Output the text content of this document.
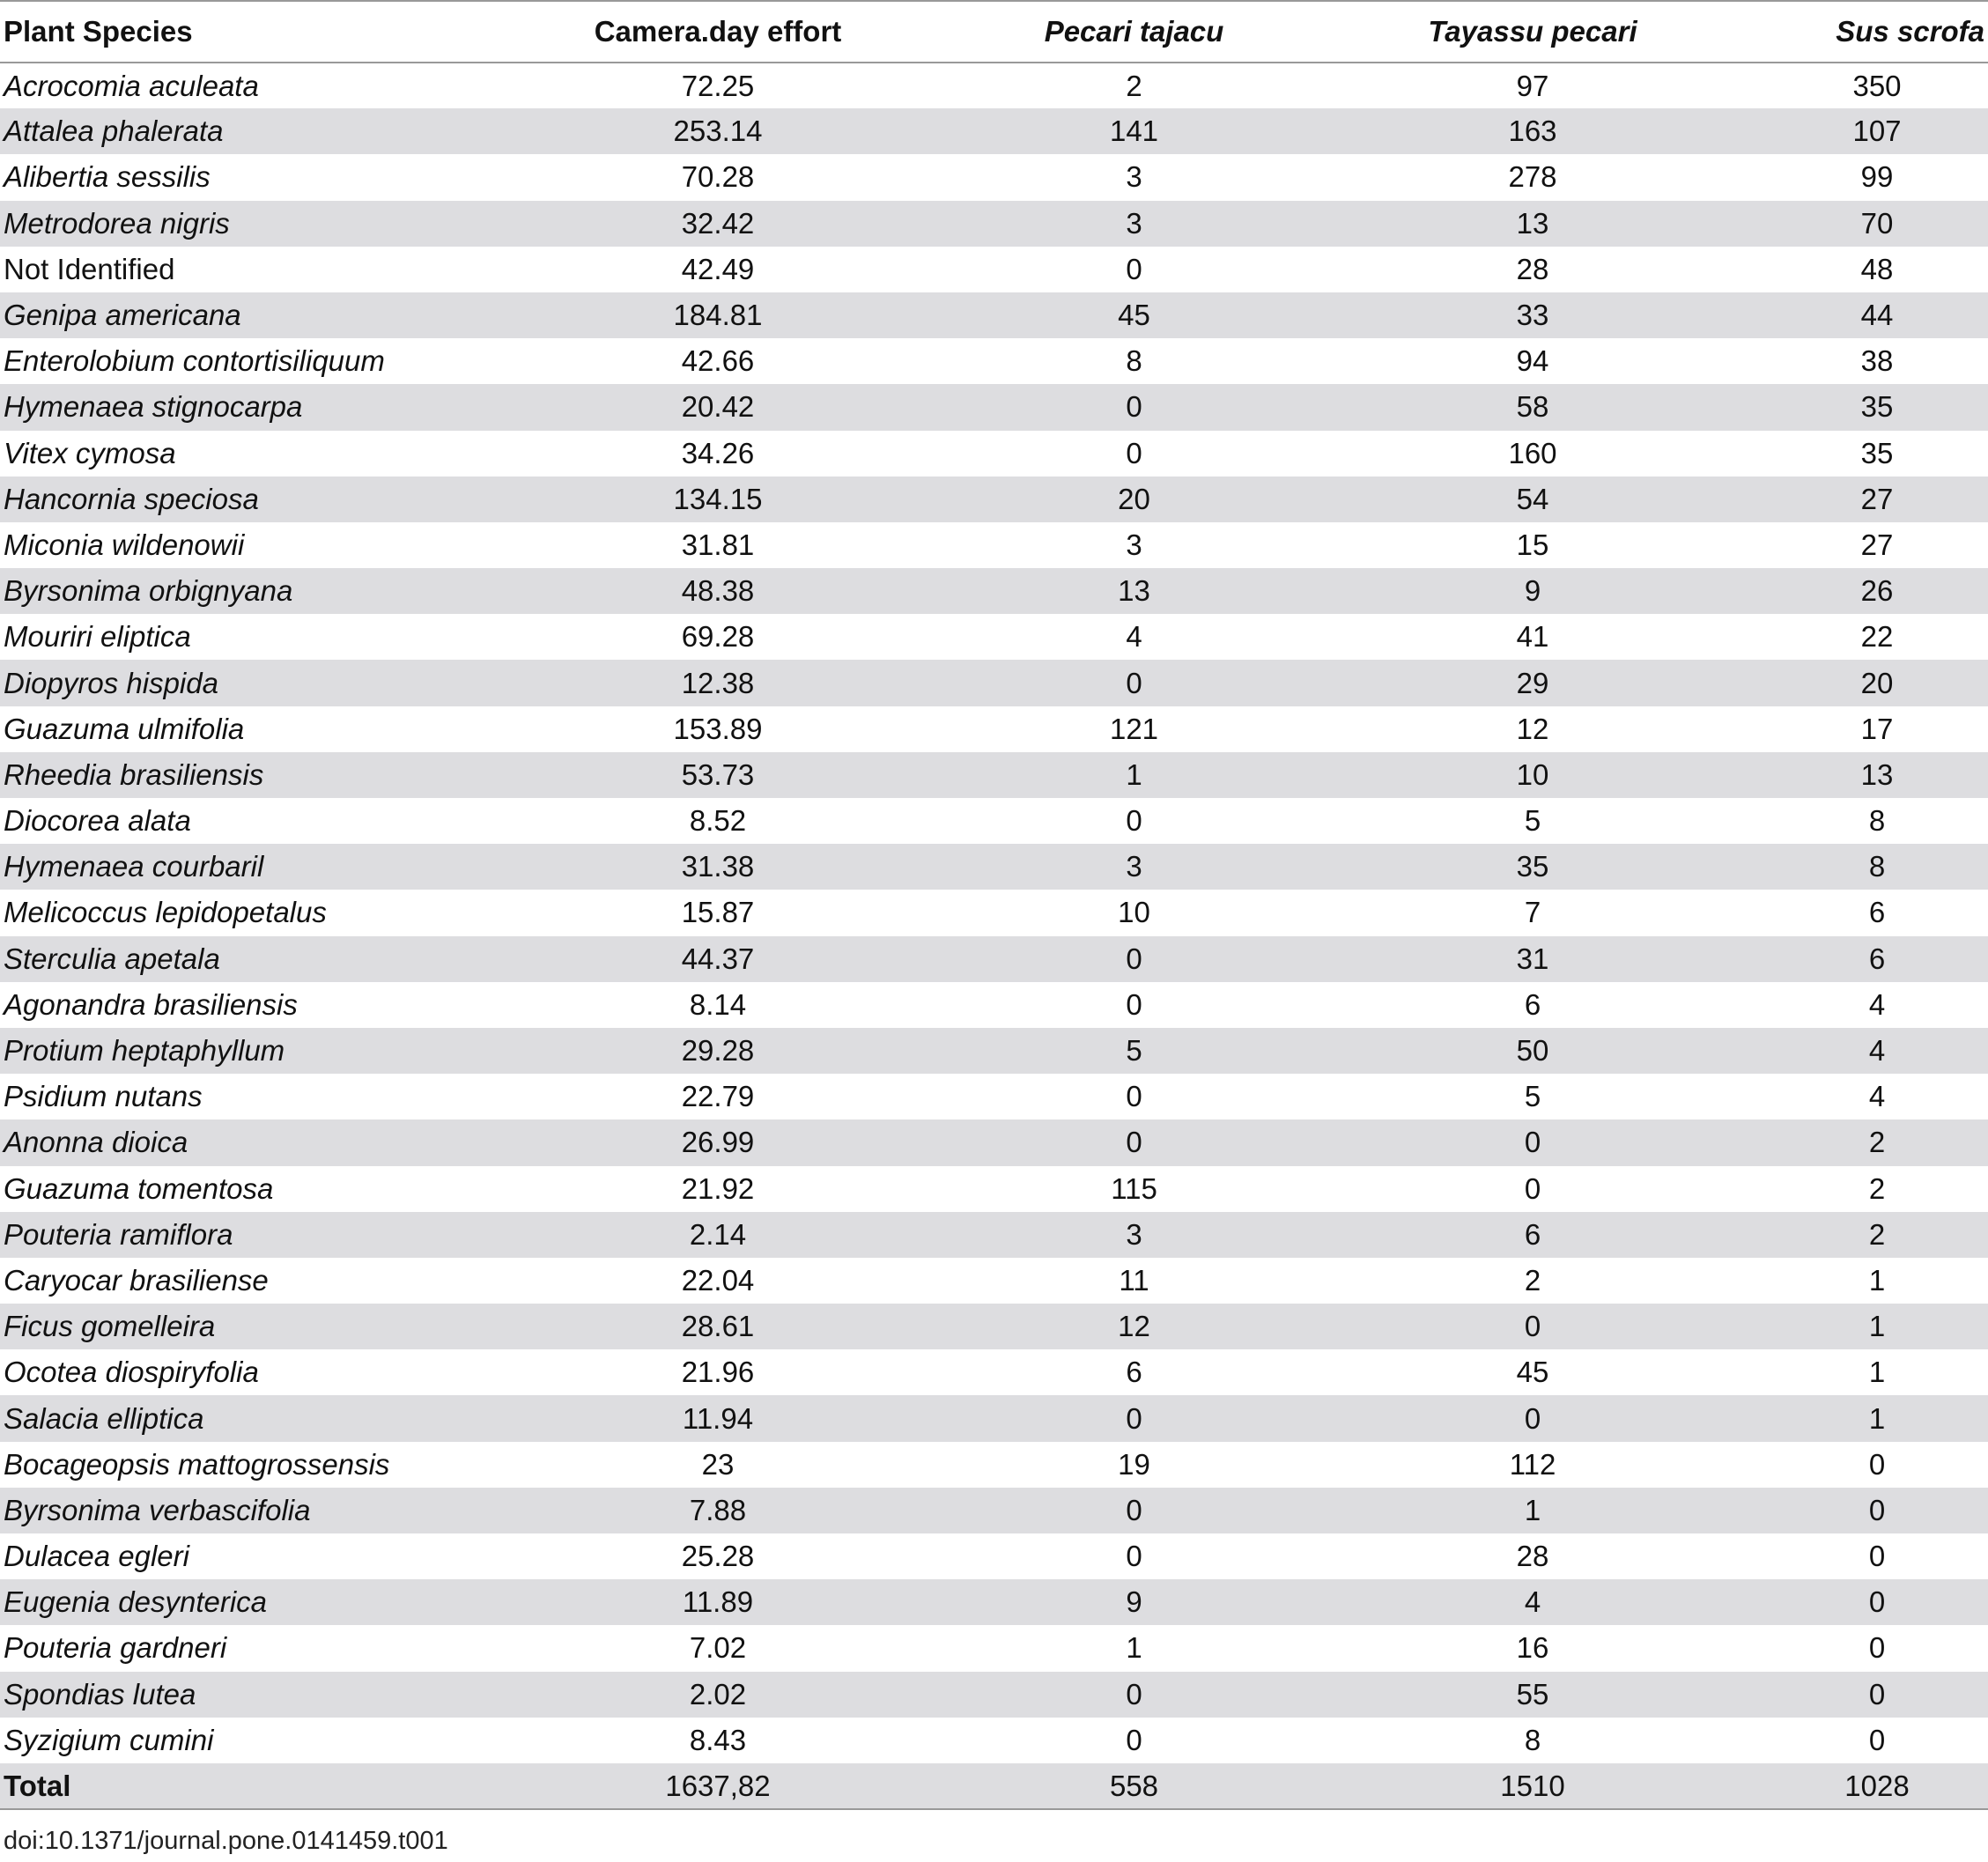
Plant Species	Camera.day effort	Pecari tajacu	Tayassu pecari	Sus scrofa
Acrocomia aculeata	72.25	2	97	350
Attalea phalerata	253.14	141	163	107
Alibertia sessilis	70.28	3	278	99
Metrodorea nigris	32.42	3	13	70
Not Identified	42.49	0	28	48
Genipa americana	184.81	45	33	44
Enterolobium contortisiliquum	42.66	8	94	38
Hymenaea stignocarpa	20.42	0	58	35
Vitex cymosa	34.26	0	160	35
Hancornia speciosa	134.15	20	54	27
Miconia wildenowii	31.81	3	15	27
Byrsonima orbignyana	48.38	13	9	26
Mouriri eliptica	69.28	4	41	22
Diopyros hispida	12.38	0	29	20
Guazuma ulmifolia	153.89	121	12	17
Rheedia brasiliensis	53.73	1	10	13
Diocorea alata	8.52	0	5	8
Hymenaea courbaril	31.38	3	35	8
Melicoccus lepidopetalus	15.87	10	7	6
Sterculia apetala	44.37	0	31	6
Agonandra brasiliensis	8.14	0	6	4
Protium heptaphyllum	29.28	5	50	4
Psidium nutans	22.79	0	5	4
Anonna dioica	26.99	0	0	2
Guazuma tomentosa	21.92	115	0	2
Pouteria ramiflora	2.14	3	6	2
Caryocar brasiliense	22.04	11	2	1
Ficus gomelleira	28.61	12	0	1
Ocotea diospiryfolia	21.96	6	45	1
Salacia elliptica	11.94	0	0	1
Bocageopsis mattogrossensis	23	19	112	0
Byrsonima verbascifolia	7.88	0	1	0
Dulacea egleri	25.28	0	28	0
Eugenia desynterica	11.89	9	4	0
Pouteria gardneri	7.02	1	16	0
Spondias lutea	2.02	0	55	0
Syzigium cumini	8.43	0	8	0
Total	1637,82	558	1510	1028
doi:10.1371/journal.pone.0141459.t001
